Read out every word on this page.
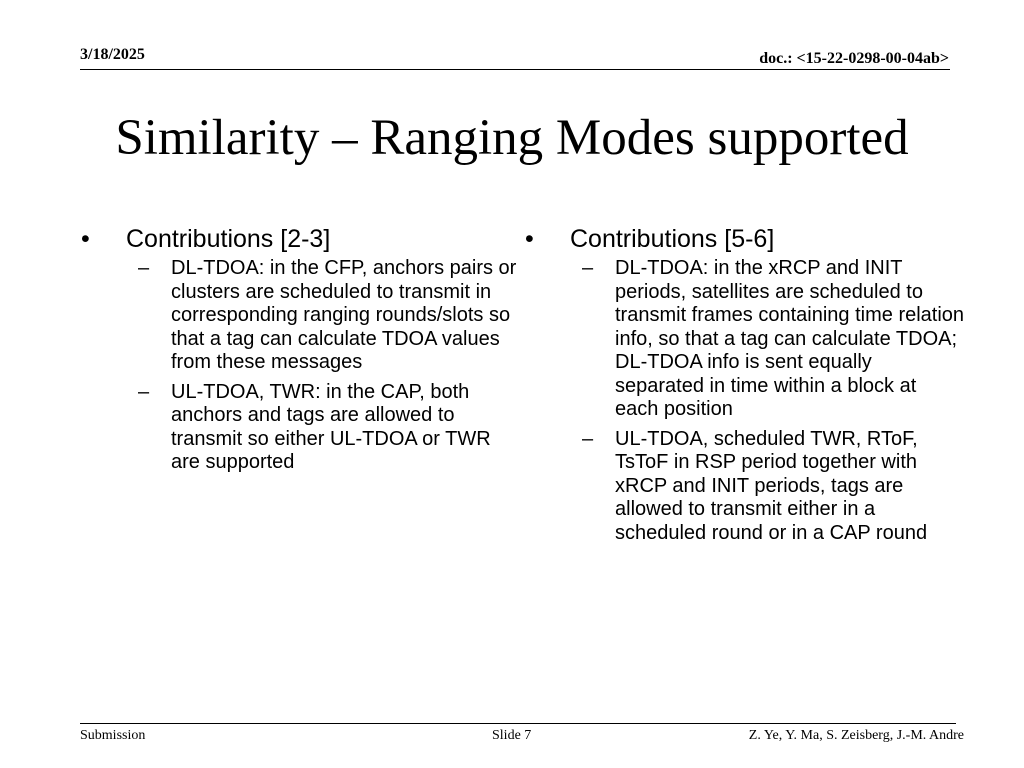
3/18/2025	doc.: <15-22-0298-00-04ab>
Similarity – Ranging Modes supported
•	Contributions [2-3]
–	DL-TDOA: in the CFP, anchors pairs or clusters are scheduled to transmit in corresponding ranging rounds/slots so that a tag can calculate TDOA values from these messages
–	UL-TDOA, TWR: in the CAP, both anchors and tags are allowed to transmit so either UL-TDOA or TWR are supported
•	Contributions [5-6]
–	DL-TDOA: in the xRCP and INIT periods, satellites are scheduled to transmit frames containing time relation info, so that a tag can calculate TDOA; DL-TDOA info is sent equally separated in time within a block at each position
–	UL-TDOA, scheduled TWR, RToF, TsToF in RSP period together with xRCP and INIT periods, tags are allowed to transmit either in a scheduled round or in a CAP round
Submission	Slide 7	Z. Ye, Y. Ma, S. Zeisberg, J.-M. Andre
